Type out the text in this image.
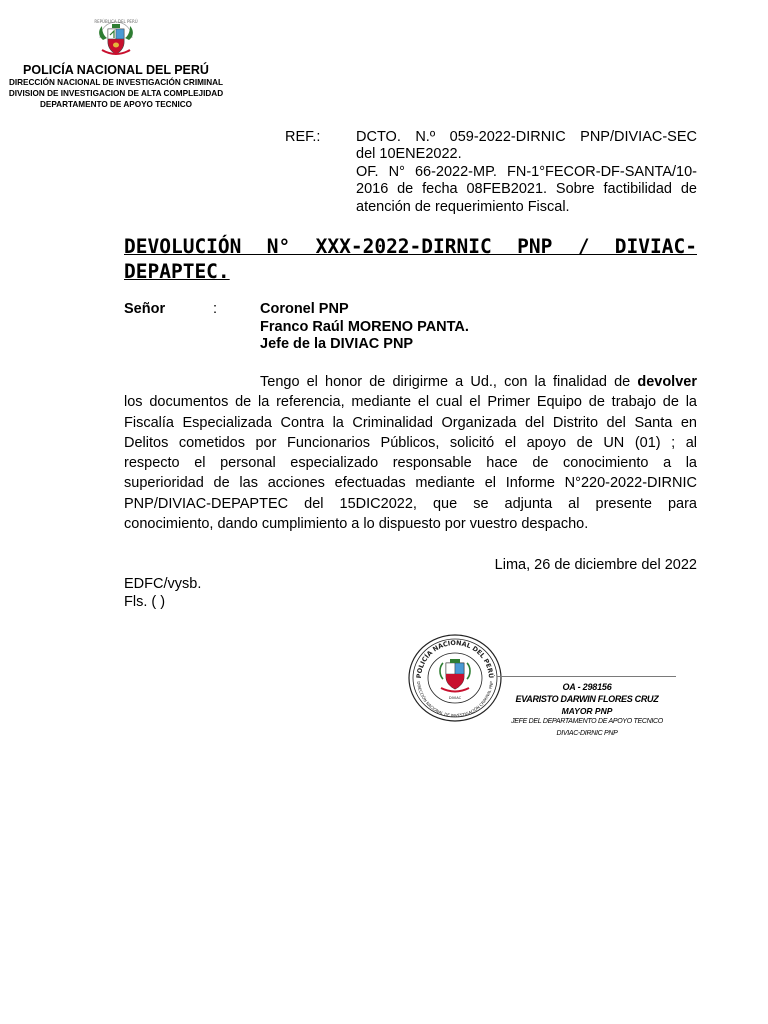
REPÚBLICA DEL PERÚ
POLICÍA NACIONAL DEL PERÚ
DIRECCIÓN NACIONAL DE INVESTIGACIÓN CRIMINAL
DIVISION DE INVESTIGACION DE ALTA COMPLEJIDAD
DEPARTAMENTO DE APOYO TECNICO
REF.: DCTO. N.º 059-2022-DIRNIC PNP/DIVIAC-SEC
del 10ENE2022.
OF. N° 66-2022-MP. FN-1°FECOR-DF-SANTA/10-
2016 de fecha 08FEB2021. Sobre factibilidad de
atención de requerimiento Fiscal.
DEVOLUCIÓN N° XXX-2022-DIRNIC PNP / DIVIAC-
DEPAPTEC.
Señor	:	Coronel PNP
Franco Raúl MORENO PANTA.
Jefe de la DIVIAC PNP
Tengo el honor de dirigirme a Ud., con la finalidad de devolver
los documentos de la referencia, mediante el cual el Primer Equipo de trabajo de la
Fiscalía Especializada Contra la Criminalidad Organizada del Distrito del Santa en
Delitos cometidos por Funcionarios Públicos, solicitó el apoyo de UN (01) ; al
respecto el personal especializado responsable hace de conocimiento a la
superioridad de las acciones efectuadas mediante el Informe N°220-2022-DIRNIC
PNP/DIVIAC-DEPAPTEC del 15DIC2022, que se adjunta al presente para
conocimiento, dando cumplimiento a lo dispuesto por vuestro despacho.
Lima, 26 de diciembre del 2022
EDFC/vysb.
Fls. ( )
POLICÍA NACIONAL DEL PERÚ
DIRECCIÓN NACIONAL DE INVESTIGACIÓN CRIMINAL PNP
DIVIAC
OA - 298156
EVARISTO DARWIN FLORES CRUZ
MAYOR PNP
JEFE DEL DEPARTAMENTO DE APOYO TECNICO
DIVIAC-DIRNIC PNP
